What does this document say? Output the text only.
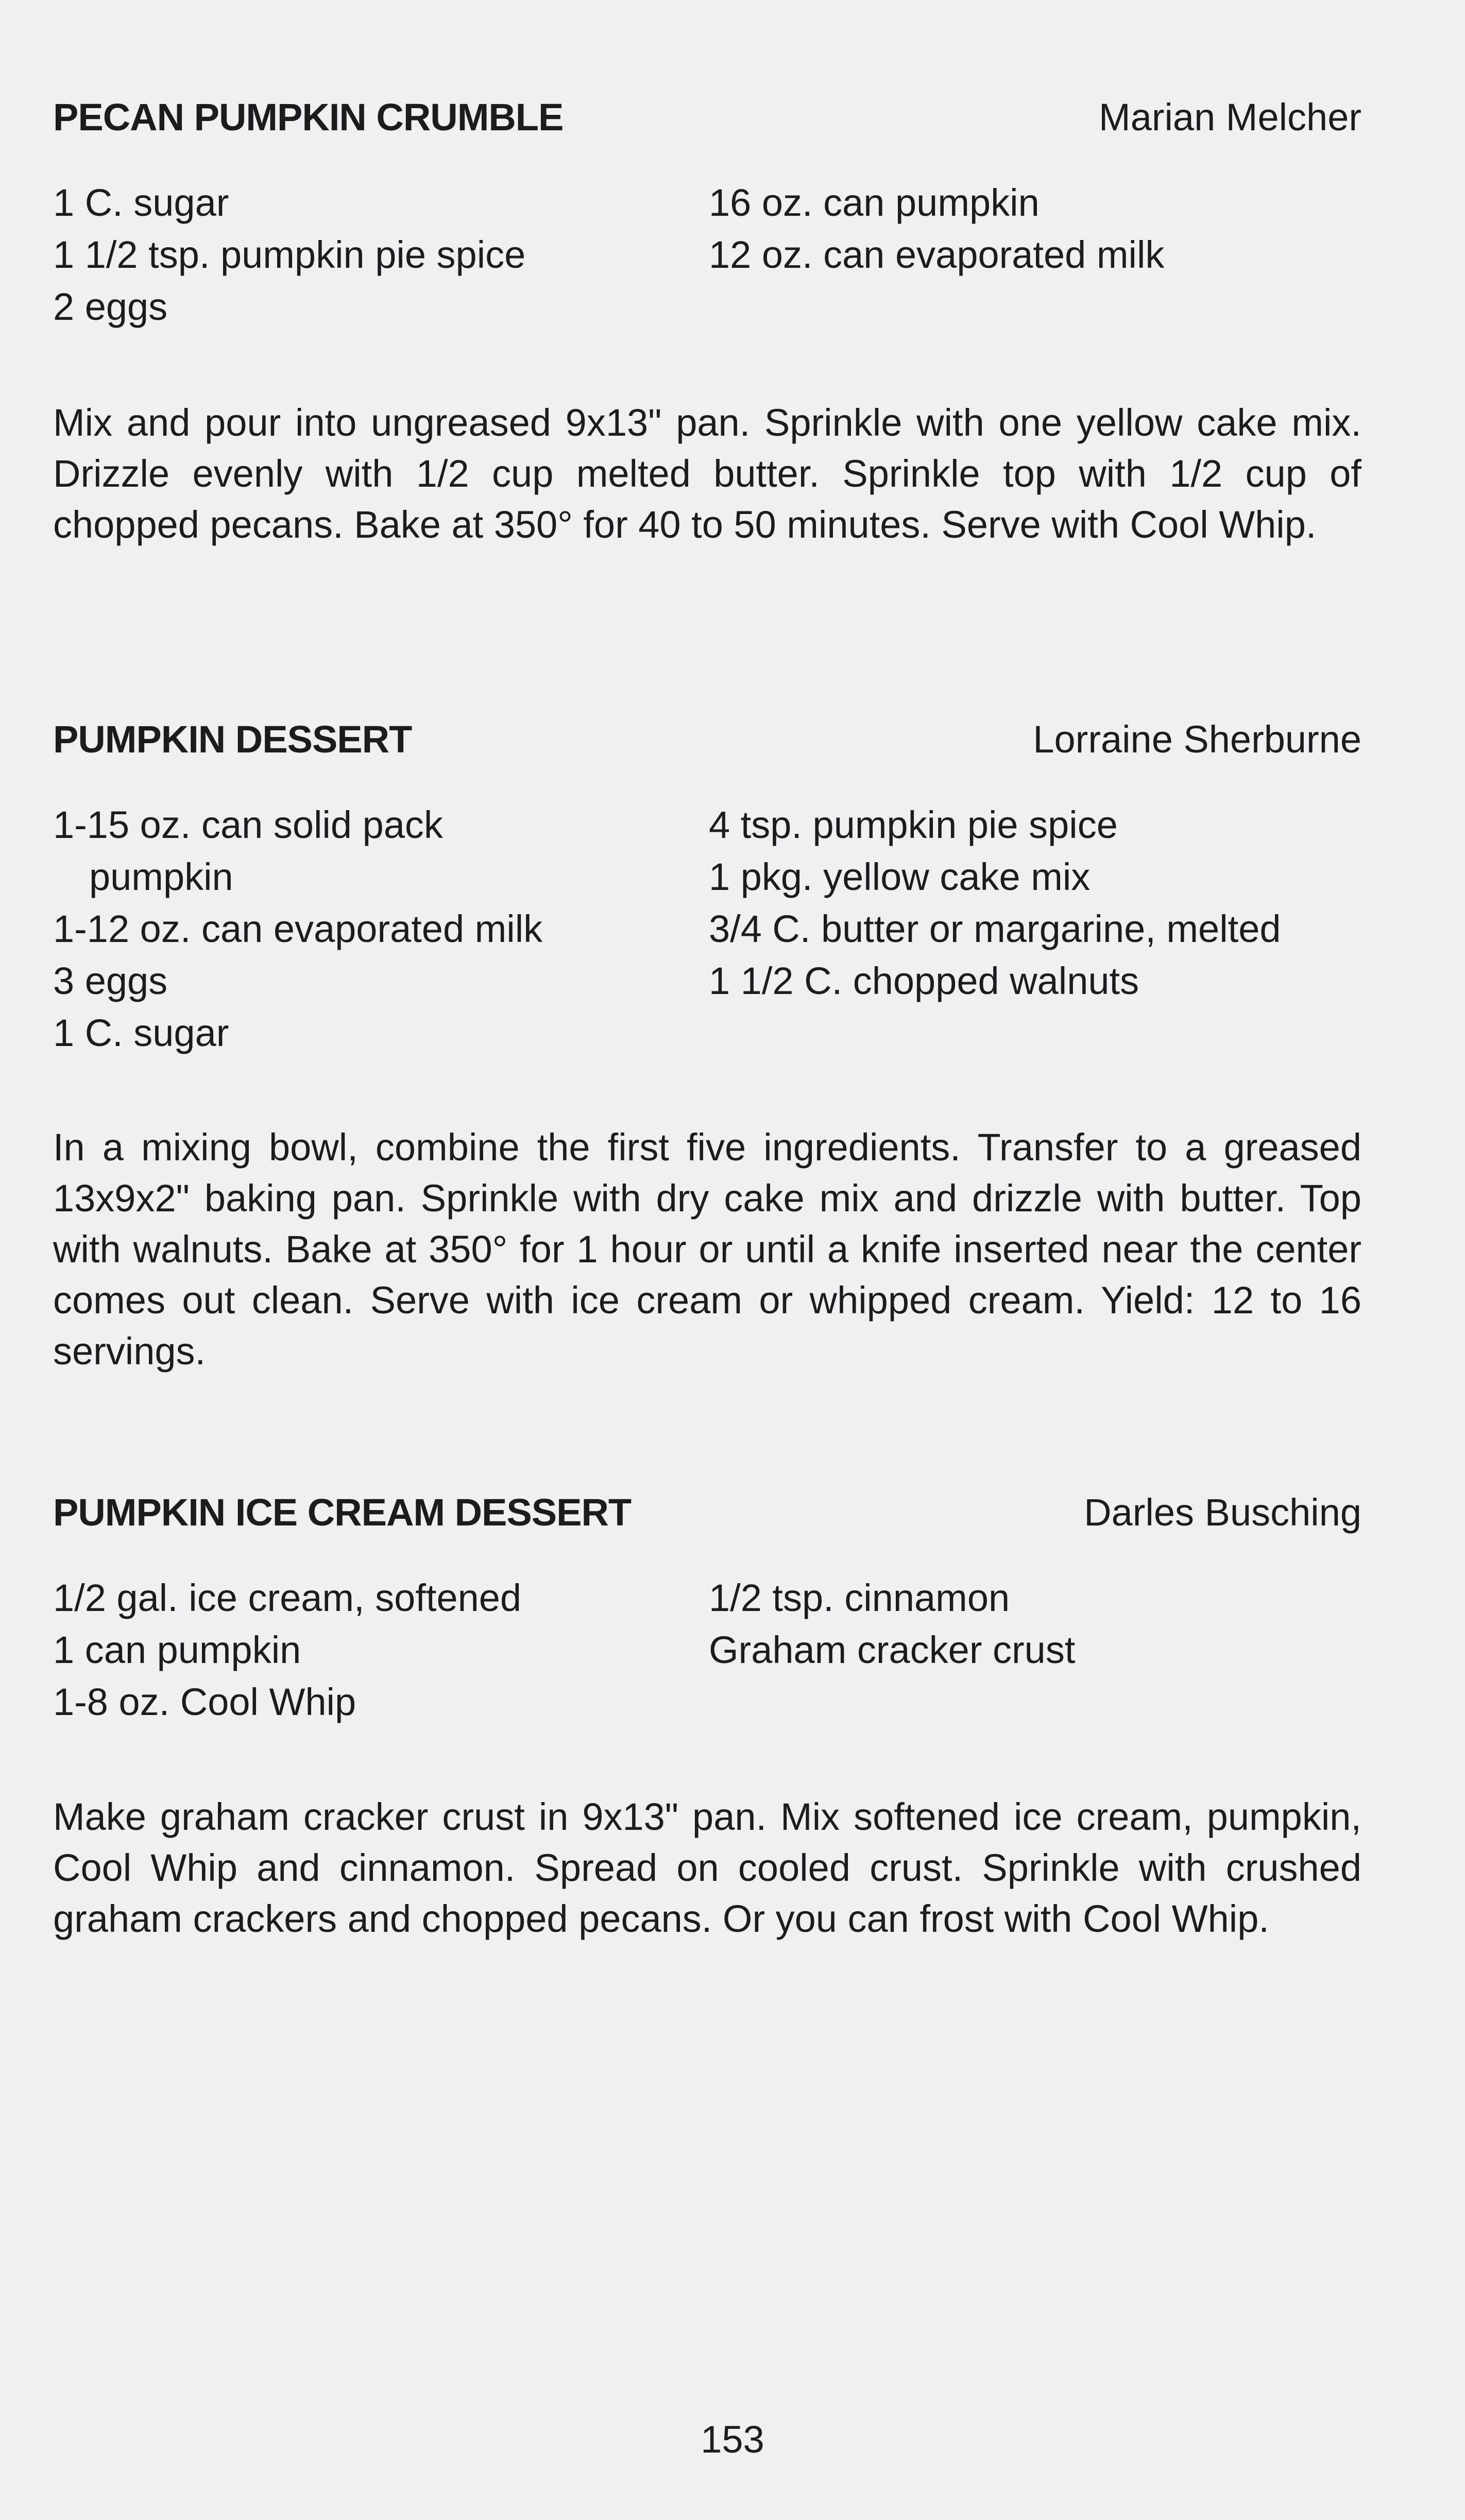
PECAN PUMPKIN CRUMBLE	Marian Melcher
1 C. sugar
1 1/2 tsp. pumpkin pie spice
2 eggs
16 oz. can pumpkin
12 oz. can evaporated milk

Mix and pour into ungreased 9x13" pan. Sprinkle with one yellow cake mix. Drizzle evenly with 1/2 cup melted butter. Sprinkle top with 1/2 cup of chopped pecans. Bake at 350° for 40 to 50 minutes. Serve with Cool Whip.

PUMPKIN DESSERT	Lorraine Sherburne
1-15 oz. can solid pack
pumpkin
1-12 oz. can evaporated milk
3 eggs
1 C. sugar
4 tsp. pumpkin pie spice
1 pkg. yellow cake mix
3/4 C. butter or margarine, melted
1 1/2 C. chopped walnuts

In a mixing bowl, combine the first five ingredients. Transfer to a greased 13x9x2" baking pan. Sprinkle with dry cake mix and drizzle with butter. Top with walnuts. Bake at 350° for 1 hour or until a knife inserted near the center comes out clean. Serve with ice cream or whipped cream. Yield: 12 to 16 servings.

PUMPKIN ICE CREAM DESSERT	Darles Busching
1/2 gal. ice cream, softened
1 can pumpkin
1-8 oz. Cool Whip
1/2 tsp. cinnamon
Graham cracker crust

Make graham cracker crust in 9x13" pan. Mix softened ice cream, pumpkin, Cool Whip and cinnamon. Spread on cooled crust. Sprinkle with crushed graham crackers and chopped pecans. Or you can frost with Cool Whip.

153
